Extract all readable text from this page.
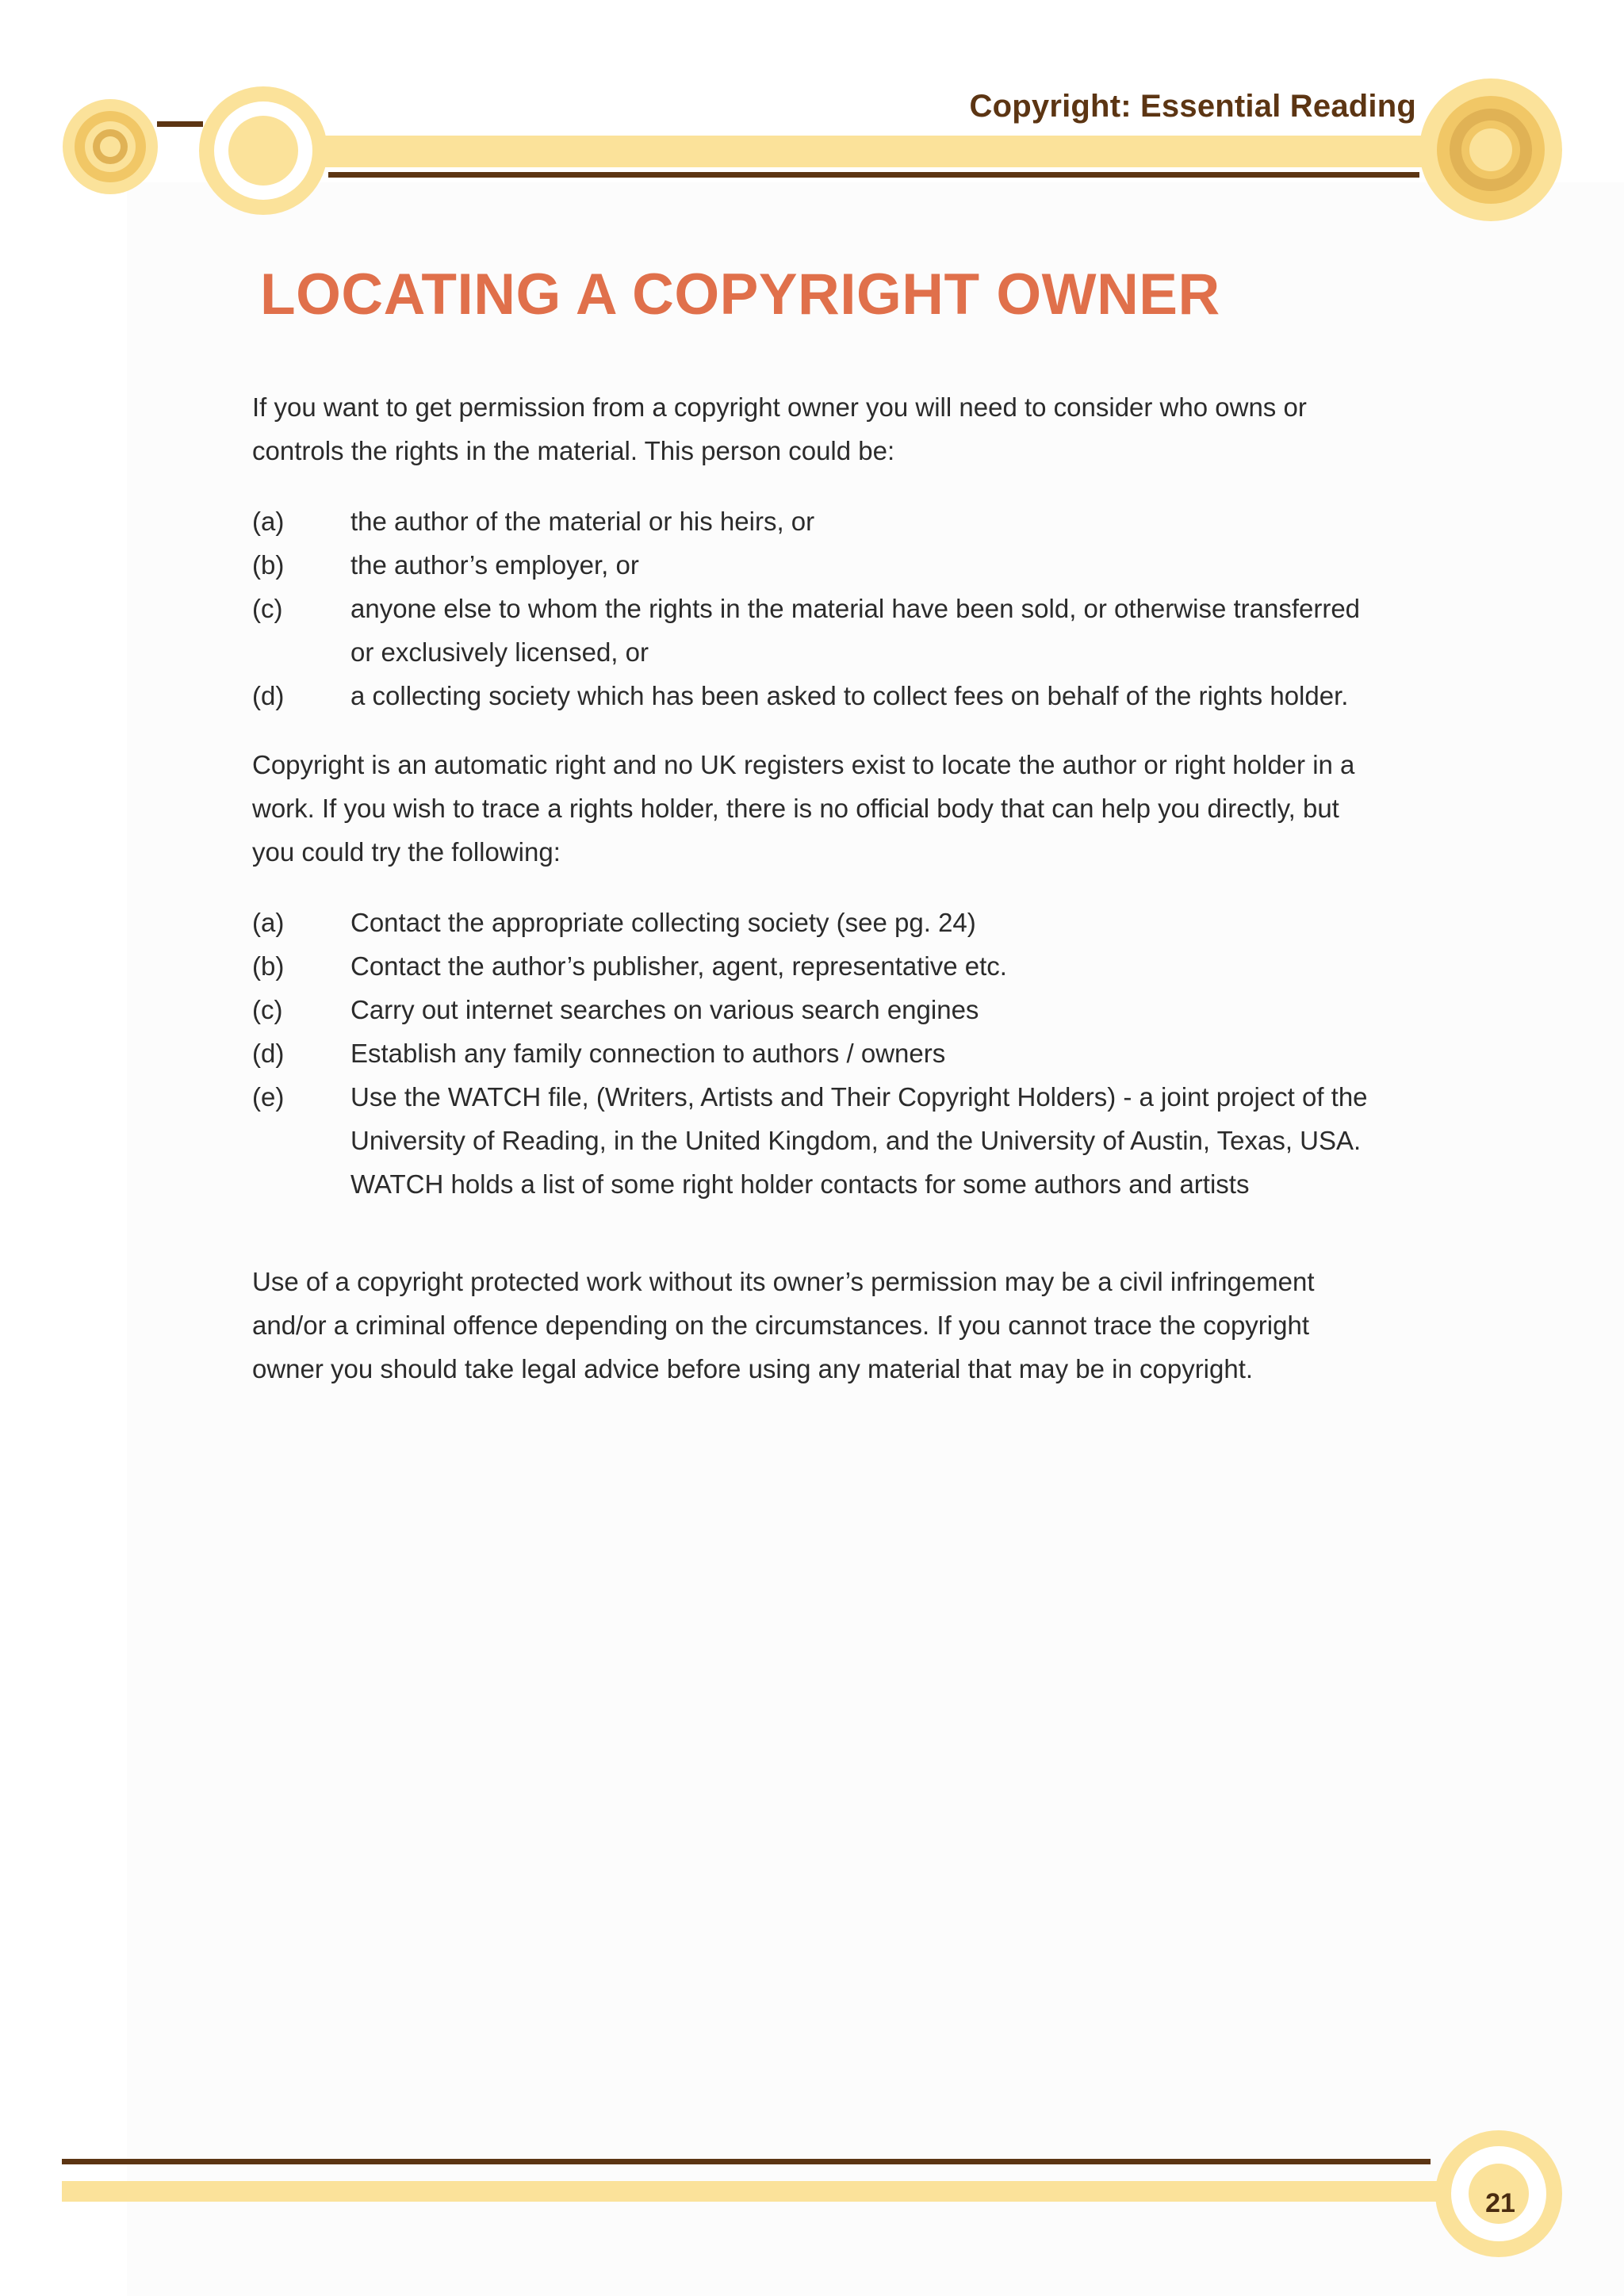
Copyright: Essential Reading
LOCATING A COPYRIGHT OWNER

If you want to get permission from a copyright owner you will need to consider who owns or controls the rights in the material. This person could be:

(a)	the author of the material or his heirs, or
(b)	the author’s employer, or
(c)	anyone else to whom the rights in the material have been sold, or otherwise transferred or exclusively licensed, or
(d)	a collecting society which has been asked to collect fees on behalf of the rights holder.

Copyright is an automatic right and no UK registers exist to locate the author or right holder in a work. If you wish to trace a rights holder, there is no official body that can help you directly, but you could try the following:

(a)	Contact the appropriate collecting society (see pg. 24)
(b)	Contact the author’s publisher, agent, representative etc.
(c)	Carry out internet searches on various search engines
(d)	Establish any family connection to authors / owners
(e)	Use the WATCH file, (Writers, Artists and Their Copyright Holders) - a joint project of the University of Reading, in the United Kingdom, and the University of Austin, Texas, USA. WATCH holds a list of some right holder contacts for some authors and artists

Use of a copyright protected work without its owner’s permission may be a civil infringement and/or a criminal offence depending on the circumstances. If you cannot trace the copyright owner you should take legal advice before using any material that may be in copyright.

21
